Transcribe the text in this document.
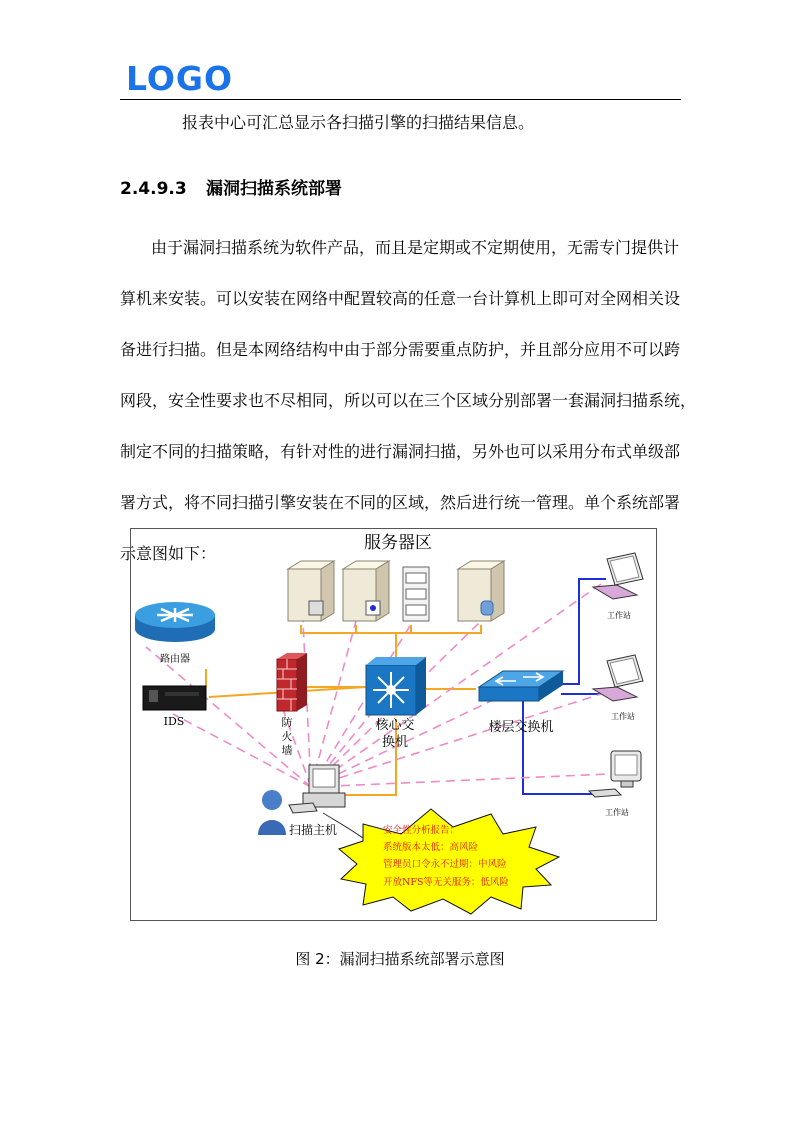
LOGO
报表中心可汇总显示各扫描引擎的扫描结果信息。
2.4.9.3 漏洞扫描系统部署
由于漏洞扫描系统为软件产品，而且是定期或不定期使用，无需专门提供计
算机来安装。可以安装在网络中配置较高的任意一台计算机上即可对全网相关设
备进行扫描。但是本网络结构中由于部分需要重点防护，并且部分应用不可以跨
网段，安全性要求也不尽相同，所以可以在三个区域分别部署一套漏洞扫描系统，
制定不同的扫描策略，有针对性的进行漏洞扫描，另外也可以采用分布式单级部
署方式，将不同扫描引擎安装在不同的区域，然后进行统一管理。单个系统部署
示意图如下：
服务器区
路由器
IDS	防
火
墙
核心交
换机
楼层交换机
工作站
工作站
工作站
扫描主机	安全性分析报告：
系统版本太低：高风险
管理员口令永不过期：中风险
开放NFS等无关服务：低风险
图 2：漏洞扫描系统部署示意图
